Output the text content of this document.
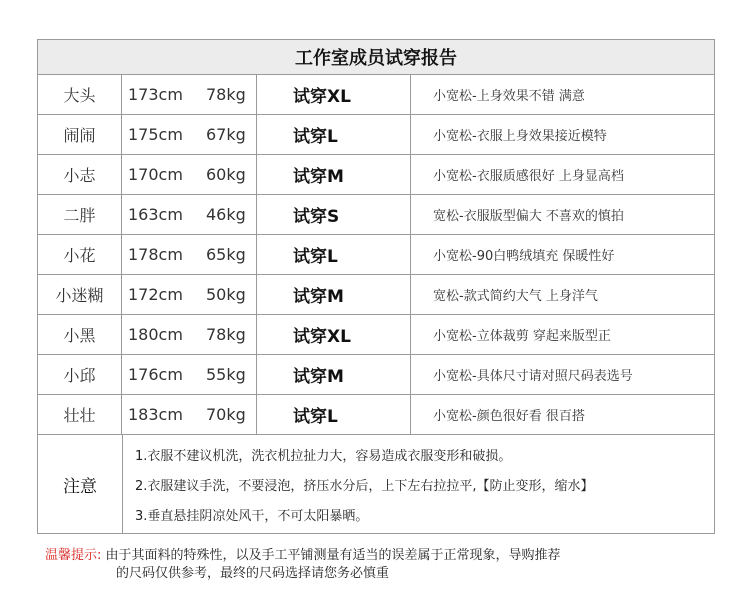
工作室成员试穿报告
大头	173cm	78kg	试穿XL	小宽松-上身效果不错 满意
闹闹	175cm	67kg	试穿L	小宽松-衣服上身效果接近模特
小志	170cm	60kg	试穿M	小宽松-衣服质感很好 上身显高档
二胖	163cm	46kg	试穿S	宽松-衣服版型偏大 不喜欢的慎拍
小花	178cm	65kg	试穿L	小宽松-90白鸭绒填充 保暖性好
小迷糊	172cm	50kg	试穿M	宽松-款式简约大气 上身洋气
小黑	180cm	78kg	试穿XL	小宽松-立体裁剪 穿起来版型正
小邱	176cm	55kg	试穿M	小宽松-具体尺寸请对照尺码表选号
壮壮	183cm	70kg	试穿L	小宽松-颜色很好看 很百搭
注意
1.衣服不建议机洗，洗衣机拉扯力大，容易造成衣服变形和破损。
2.衣服建议手洗，不要浸泡，挤压水分后，上下左右拉拉平,【防止变形，缩水】
3.垂直悬挂阴凉处风干，不可太阳暴晒。
温馨提示: 由于其面料的特殊性，以及手工平铺测量有适当的误差属于正常现象，导购推荐
的尺码仅供参考，最终的尺码选择请您务必慎重
